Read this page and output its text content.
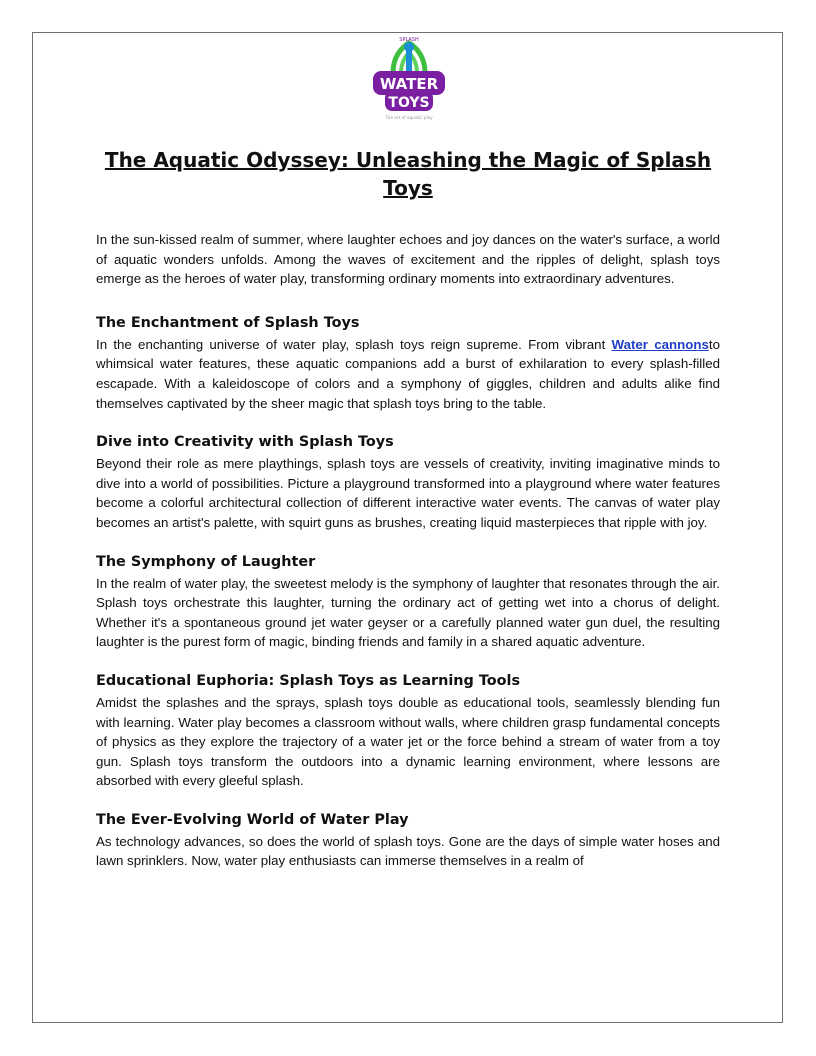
WATER
TOYS
SPLASH
The art of aquatic play
The Aquatic Odyssey: Unleashing the Magic of Splash Toys

In the sun-kissed realm of summer, where laughter echoes and joy dances on the water's surface, a world of aquatic wonders unfolds. Among the waves of excitement and the ripples of delight, splash toys emerge as the heroes of water play, transforming ordinary moments into extraordinary adventures.

The Enchantment of Splash Toys

In the enchanting universe of water play, splash toys reign supreme. From vibrant Water cannonsto whimsical water features, these aquatic companions add a burst of exhilaration to every splash-filled escapade. With a kaleidoscope of colors and a symphony of giggles, children and adults alike find themselves captivated by the sheer magic that splash toys bring to the table.

Dive into Creativity with Splash Toys

Beyond their role as mere playthings, splash toys are vessels of creativity, inviting imaginative minds to dive into a world of possibilities. Picture a playground transformed into a playground where water features become a colorful architectural collection of different interactive water events. The canvas of water play becomes an artist's palette, with squirt guns as brushes, creating liquid masterpieces that ripple with joy.

The Symphony of Laughter

In the realm of water play, the sweetest melody is the symphony of laughter that resonates through the air. Splash toys orchestrate this laughter, turning the ordinary act of getting wet into a chorus of delight. Whether it's a spontaneous ground jet water geyser or a carefully planned water gun duel, the resulting laughter is the purest form of magic, binding friends and family in a shared aquatic adventure.

Educational Euphoria: Splash Toys as Learning Tools

Amidst the splashes and the sprays, splash toys double as educational tools, seamlessly blending fun with learning. Water play becomes a classroom without walls, where children grasp fundamental concepts of physics as they explore the trajectory of a water jet or the force behind a stream of water from a toy gun. Splash toys transform the outdoors into a dynamic learning environment, where lessons are absorbed with every gleeful splash.

The Ever-Evolving World of Water Play

As technology advances, so does the world of splash toys. Gone are the days of simple water hoses and lawn sprinklers. Now, water play enthusiasts can immerse themselves in a realm of
